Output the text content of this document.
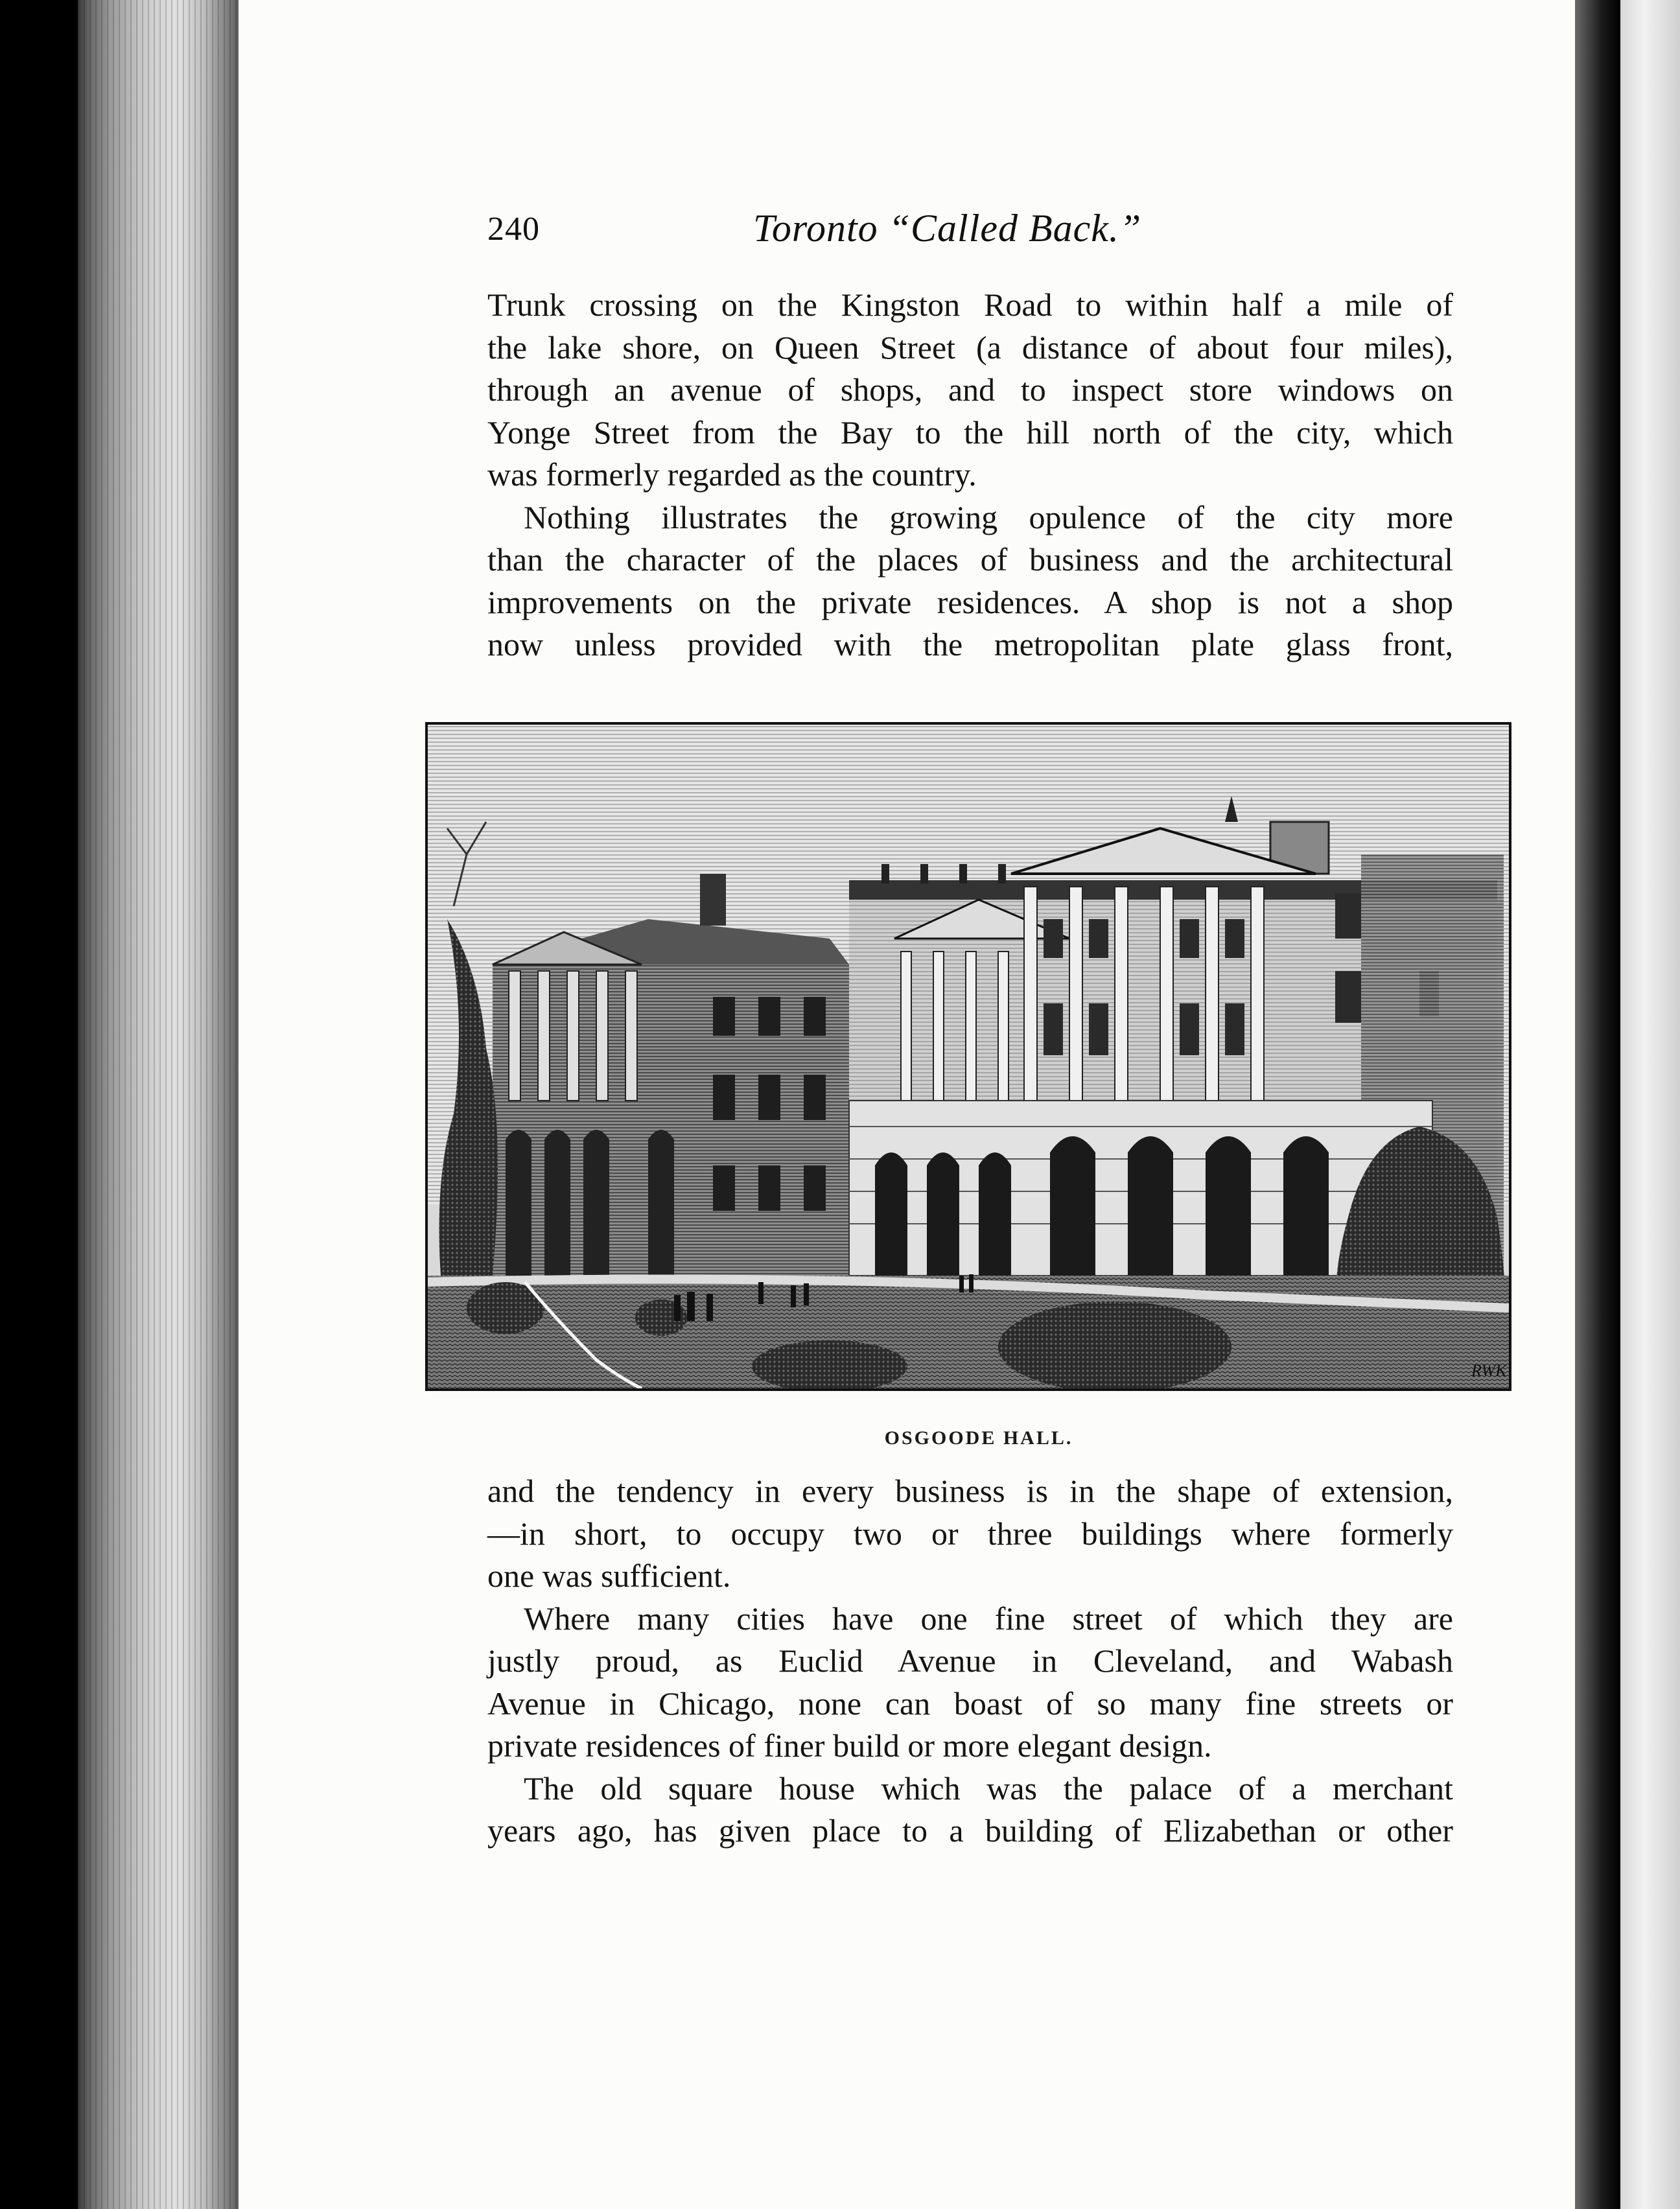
240	Toronto “Called Back.”
Trunk crossing on the Kingston Road to within half a mile of
the lake shore, on Queen Street (a distance of about four miles),
through an avenue of shops, and to inspect store windows on
Yonge Street from the Bay to the hill north of the city, which
was formerly regarded as the country.
Nothing illustrates the growing opulence of the city more
than the character of the places of business and the architectural
improvements on the private residences. A shop is not a shop
now unless provided with the metropolitan plate glass front,
RWK
OSGOODE HALL.
and the tendency in every business is in the shape of extension,
—in short, to occupy two or three buildings where formerly
one was sufficient.
Where many cities have one fine street of which they are
justly proud, as Euclid Avenue in Cleveland, and Wabash
Avenue in Chicago, none can boast of so many fine streets or
private residences of finer build or more elegant design.
The old square house which was the palace of a merchant
years ago, has given place to a building of Elizabethan or other
